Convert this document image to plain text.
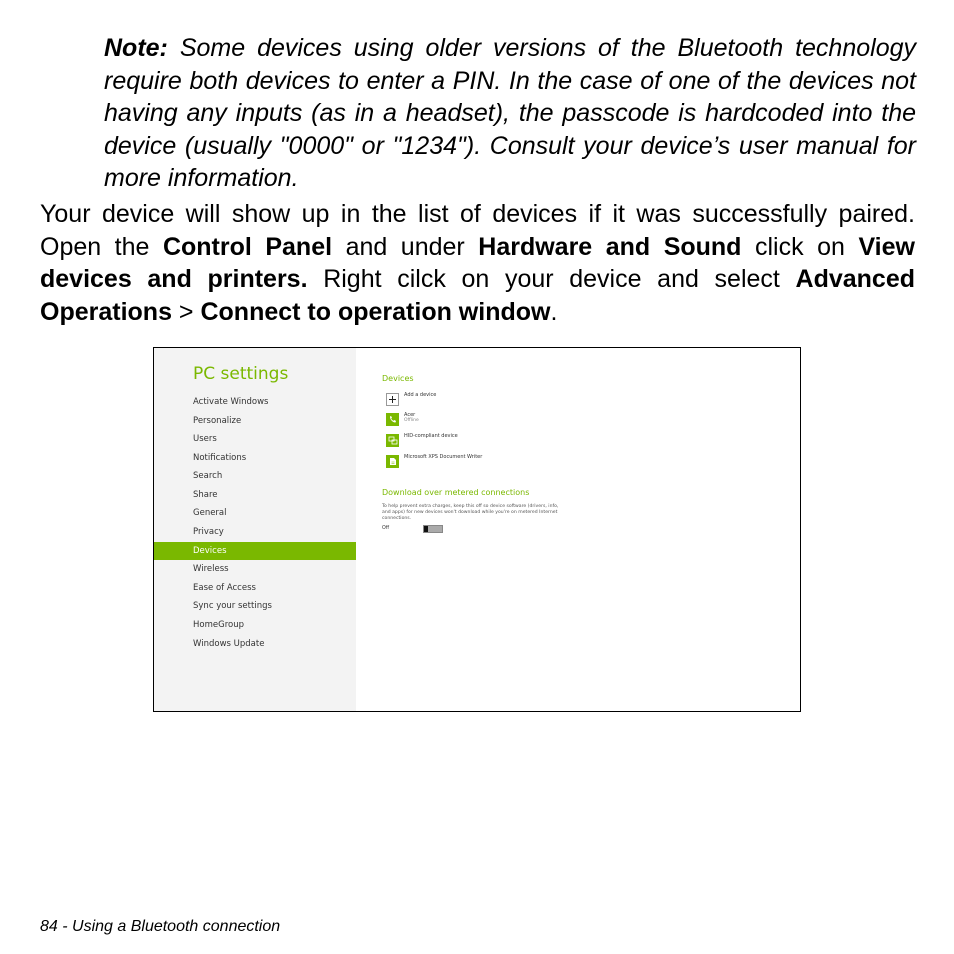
Note: Some devices using older versions of the Bluetooth technology require both devices to enter a PIN. In the case of one of the devices not having any inputs (as in a headset), the passcode is hardcoded into the device (usually "0000" or "1234"). Consult your device’s user manual for more information.

Your device will show up in the list of devices if it was successfully paired. Open the Control Panel and under Hardware and Sound click on View devices and printers. Right cilck on your device and select Advanced Operations > Connect to operation window.

PC settings
Activate Windows
Personalize
Users
Notifications
Search
Share
General
Privacy
Devices
Wireless
Ease of Access
Sync your settings
HomeGroup
Windows Update
Devices
Add a device
Acer
Offline
HID-compliant device
Microsoft XPS Document Writer
Download over metered connections
To help prevent extra charges, keep this off so device software (drivers, info, and apps) for new devices won't download while you're on metered Internet connections.
Off
84 - Using a Bluetooth connection
